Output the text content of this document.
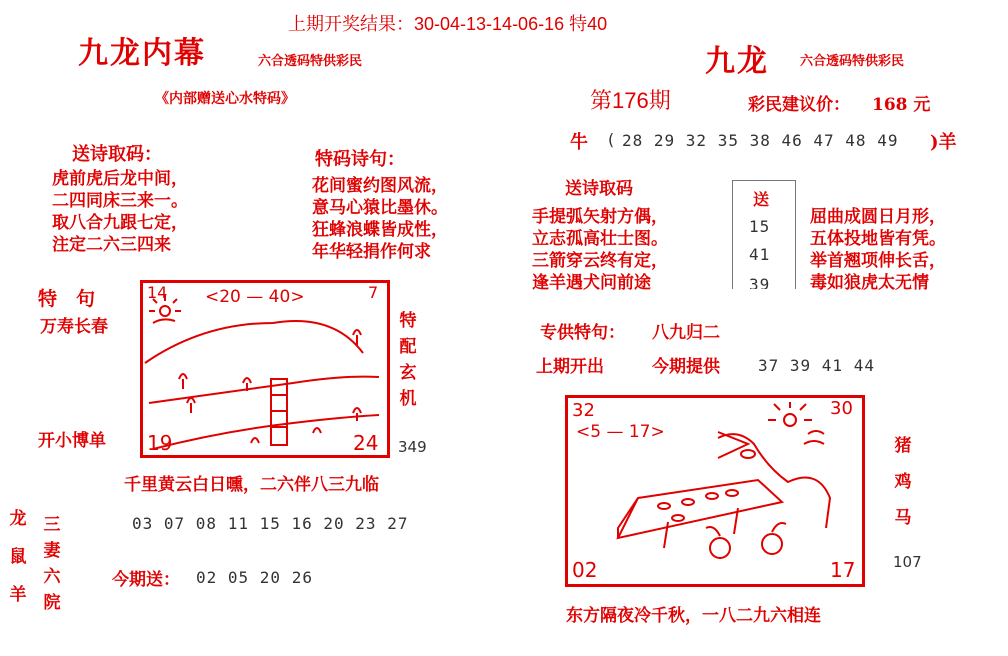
上期开奖结果：30-04-13-14-06-16 特40
九龙内幕	六合透码特供彩民
《内部赠送心水特码》
送诗取码：
虎前虎后龙中间，
二四同床三来一。
取八合九跟七定，
注定二六三四来
特码诗句：
花间蜜约图风流，
意马心猿比墨休。
狂蜂浪蝶皆成性，
年华轻捐作何求
特　句
万寿长春
开小博单
14 <20 — 40>	7
19	24
特配玄机
349
千里黄云白日曛，二六伴八三九临
龙鼠羊
三妻六院
03 07 08 11 15 16 20 23 27
今期送： 02 05 20 26
九龙 六合透码特供彩民
第176期	彩民建议价： 168 元
牛 ( 28 29 32 35 38 46 47 48 49 )羊
送诗取码
手提弧矢射方偶，
立志孤高壮士图。
三箭穿云终有定，
逢羊遇犬问前途
送
15
41
39
屈曲成圆日月形，
五体投地皆有凭。
举首翘项伸长舌，
毒如狼虎太无情
专供特句： 八九归二
上期开出	今期提供 37 39 41 44
32
<5 — 17>
30
02	17
猪
鸡
马
107
东方隔夜冷千秋，一八二九六相连
